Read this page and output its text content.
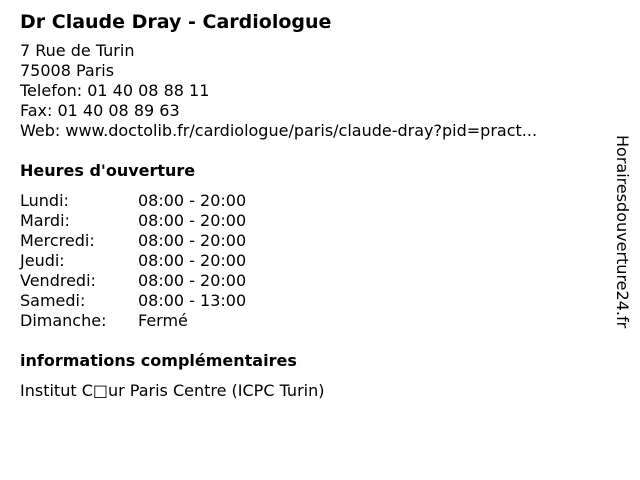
Dr Claude Dray - Cardiologue
7 Rue de Turin
75008 Paris
Telefon: 01 40 08 88 11
Fax: 01 40 08 89 63
Web: www.doctolib.fr/cardiologue/paris/claude-dray?pid=pract...
Heures d'ouverture
Lundi:	08:00 - 20:00
Mardi:	08:00 - 20:00
Mercredi:	08:00 - 20:00
Jeudi:	08:00 - 20:00
Vendredi:	08:00 - 20:00
Samedi:	08:00 - 13:00
Dimanche:	Fermé
informations complémentaires
Institut C□ur Paris Centre (ICPC Turin)
Horairesdouverture24.fr
